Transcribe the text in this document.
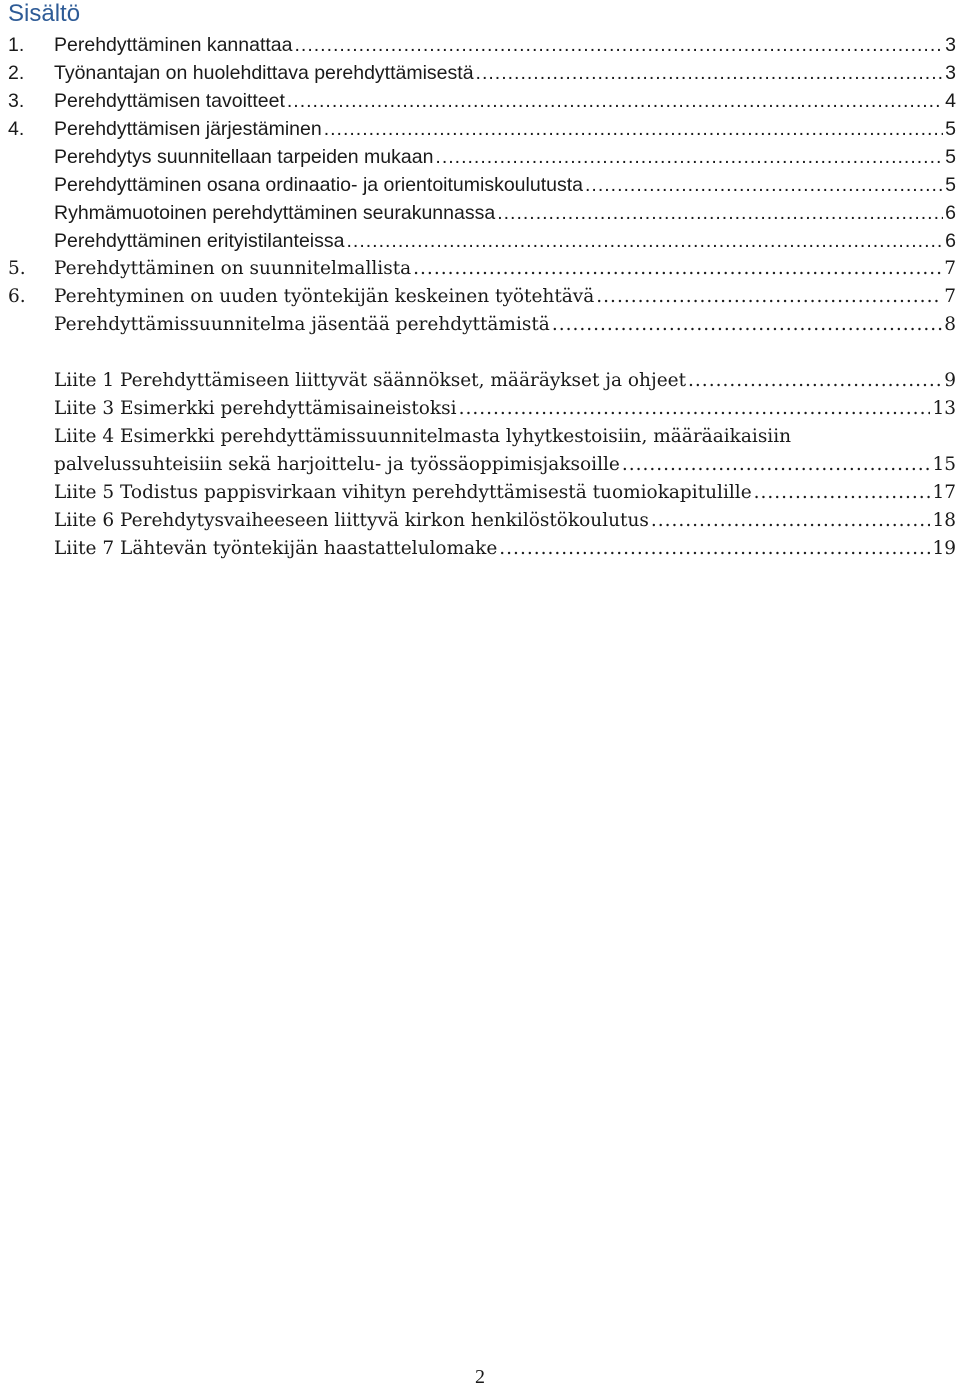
Sisältö
1.	Perehdyttäminen kannattaa .....	3
2.	Työnantajan on huolehdittava perehdyttämisestä .....	3
3.	Perehdyttämisen tavoitteet .....	4
4.	Perehdyttämisen järjestäminen .....	5
Perehdytys suunnitellaan tarpeiden mukaan .....	5
Perehdyttäminen osana ordinaatio- ja orientoitumiskoulutusta .....	5
Ryhmämuotoinen perehdyttäminen seurakunnassa .....	6
Perehdyttäminen erityistilanteissa .....	6
5.	Perehdyttäminen on suunnitelmallista .....	7
6.	Perehtyminen on uuden työntekijän keskeinen työtehtävä .....	7
Perehdyttämissuunnitelma jäsentää perehdyttämistä .....	8
Liite 1 Perehdyttämiseen liittyvät säännökset, määräykset ja ohjeet .....	9
Liite 3 Esimerkki perehdyttämisaineistoksi .....	13
Liite 4 Esimerkki perehdyttämissuunnitelmasta lyhytkestoisiin, määräaikaisiin
palvelussuhteisiin sekä harjoittelu- ja työssäoppimisjaksoille .....	15
Liite 5 Todistus pappisvirkaan vihityn perehdyttämisestä tuomiokapitulille .....	17
Liite 6 Perehdytysvaiheeseen liittyvä kirkon henkilöstökoulutus .....	18
Liite 7 Lähtevän työntekijän haastattelulomake .....	19
2
